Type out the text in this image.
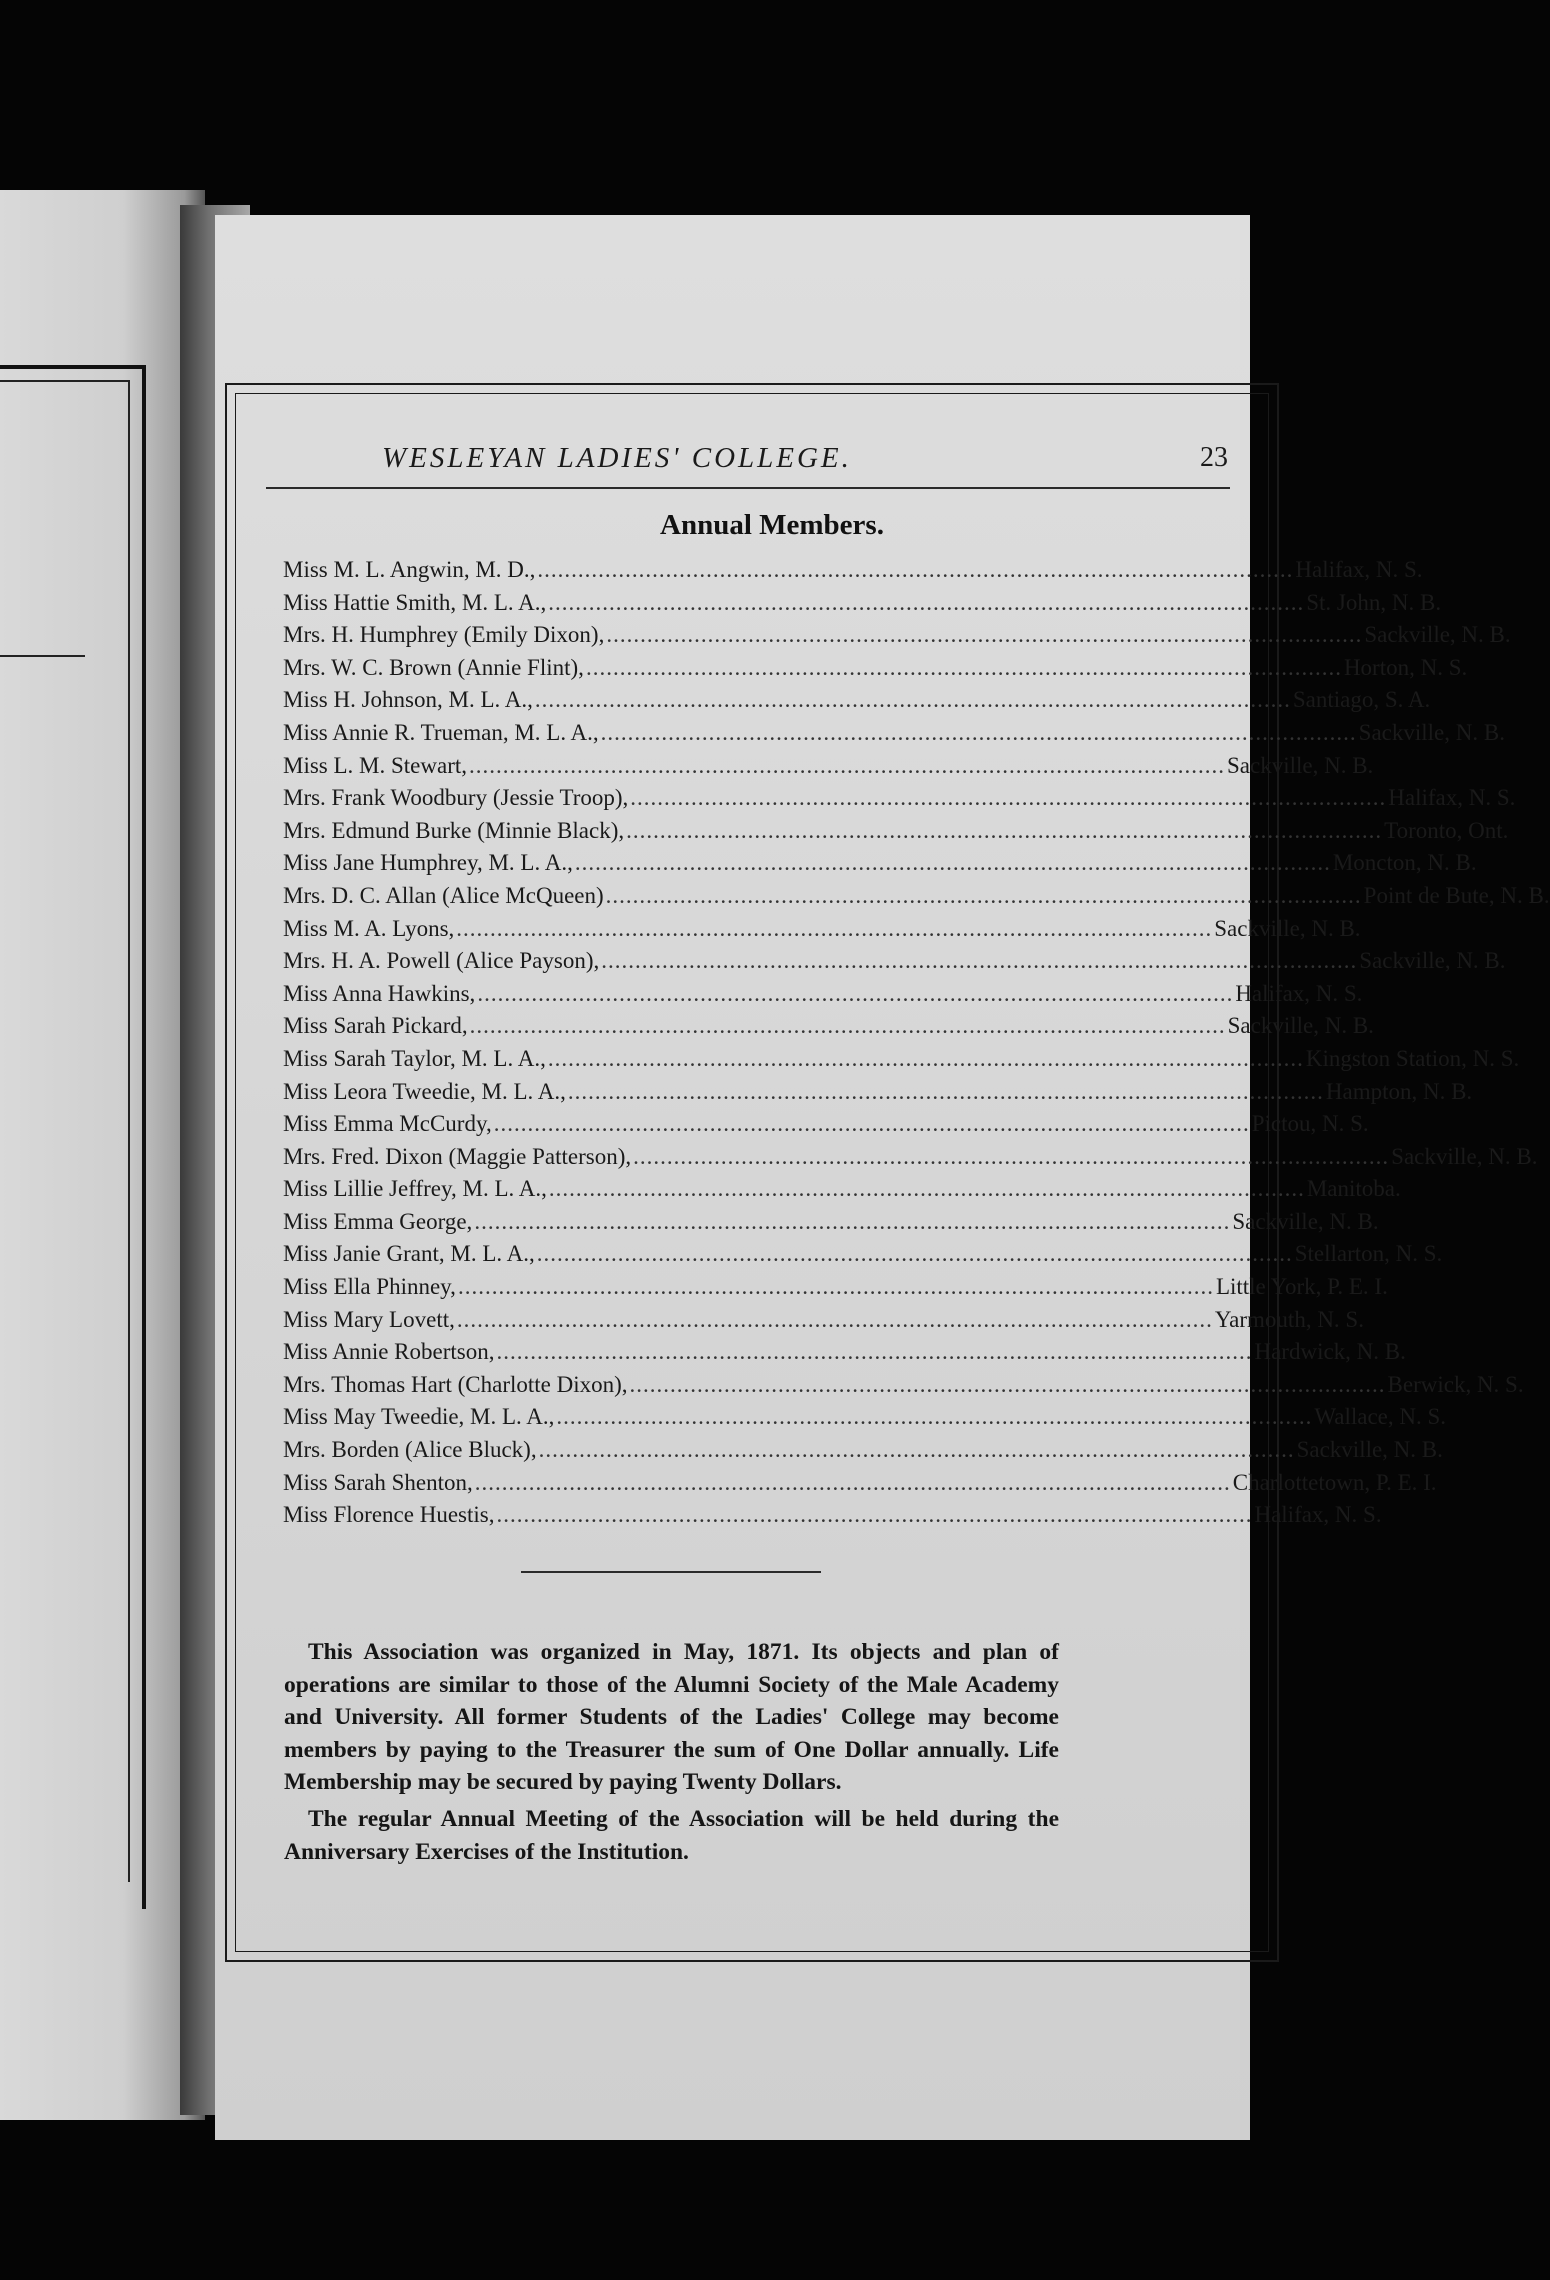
WESLEYAN LADIES' COLLEGE.	23
Annual Members.
Miss M. L. Angwin, M. D., ................................................................................................................ Halifax, N. S.
Miss Hattie Smith, M. L. A., ................................................................................................................ St. John, N. B.
Mrs. H. Humphrey (Emily Dixon), ................................................................................................................ Sackville, N. B.
Mrs. W. C. Brown (Annie Flint), ................................................................................................................ Horton, N. S.
Miss H. Johnson, M. L. A., ................................................................................................................ Santiago, S. A.
Miss Annie R. Trueman, M. L. A., ................................................................................................................ Sackville, N. B.
Miss L. M. Stewart, ................................................................................................................ Sackville, N. B.
Mrs. Frank Woodbury (Jessie Troop), ................................................................................................................ Halifax, N. S.
Mrs. Edmund Burke (Minnie Black), ................................................................................................................ Toronto, Ont.
Miss Jane Humphrey, M. L. A., ................................................................................................................ Moncton, N. B.
Mrs. D. C. Allan (Alice McQueen) ................................................................................................................ Point de Bute, N. B.
Miss M. A. Lyons, ................................................................................................................ Sackville, N. B.
Mrs. H. A. Powell (Alice Payson), ................................................................................................................ Sackville, N. B.
Miss Anna Hawkins, ................................................................................................................ Halifax, N. S.
Miss Sarah Pickard, ................................................................................................................ Sackville, N. B.
Miss Sarah Taylor, M. L. A., ................................................................................................................ Kingston Station, N. S.
Miss Leora Tweedie, M. L. A., ................................................................................................................ Hampton, N. B.
Miss Emma McCurdy, ................................................................................................................ Pictou, N. S.
Mrs. Fred. Dixon (Maggie Patterson), ................................................................................................................ Sackville, N. B.
Miss Lillie Jeffrey, M. L. A., ................................................................................................................ Manitoba.
Miss Emma George, ................................................................................................................ Sackville, N. B.
Miss Janie Grant, M. L. A., ................................................................................................................ Stellarton, N. S.
Miss Ella Phinney, ................................................................................................................ Little York, P. E. I.
Miss Mary Lovett, ................................................................................................................ Yarmouth, N. S.
Miss Annie Robertson, ................................................................................................................ Hardwick, N. B.
Mrs. Thomas Hart (Charlotte Dixon), ................................................................................................................ Berwick, N. S.
Miss May Tweedie, M. L. A., ................................................................................................................ Wallace, N. S.
Mrs. Borden (Alice Bluck), ................................................................................................................ Sackville, N. B.
Miss Sarah Shenton, ................................................................................................................ Charlottetown, P. E. I.
Miss Florence Huestis, ................................................................................................................ Halifax, N. S.

This Association was organized in May, 1871. Its objects and plan of operations are similar to those of the Alumni Society of the Male Academy and University. All former Students of the Ladies' College may become members by paying to the Treasurer the sum of One Dollar annually. Life Membership may be secured by paying Twenty Dollars.

The regular Annual Meeting of the Association will be held during the Anniversary Exercises of the Institution.
